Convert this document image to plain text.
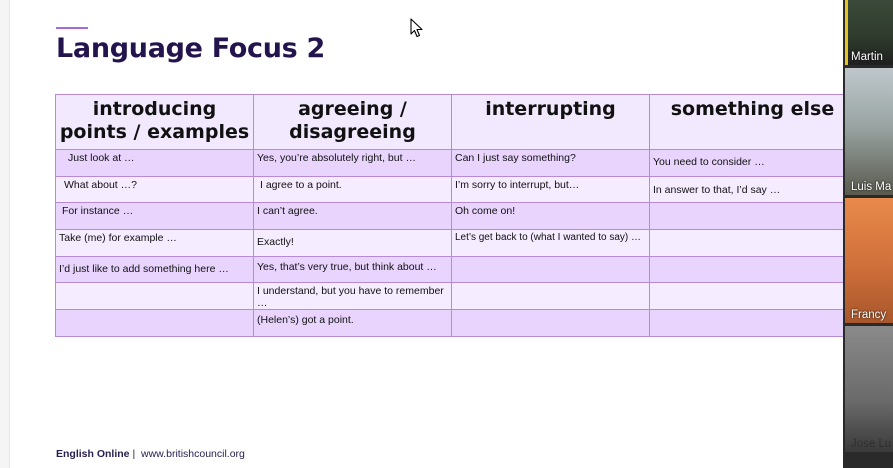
Language Focus 2
introducing points / examples	agreeing / disagreeing	interrupting	something else
Just look at …	Yes, you’re absolutely right, but …	Can I just say something?	You need to consider …
What about …?	I agree to a point.	I’m sorry to interrupt, but…	In answer to that, I’d say …
For instance …	I can’t agree.	Oh come on!	
Take (me) for example …	Exactly!	Let’s get back to (what I wanted to say) …	
I’d just like to add something here …	Yes, that’s very true, but think about …		
	I understand, but you have to remember …		
	(Helen’s) got a point.		
English Online | www.britishcouncil.org
Martin
Luis Ma
Francy
Jose Lu
